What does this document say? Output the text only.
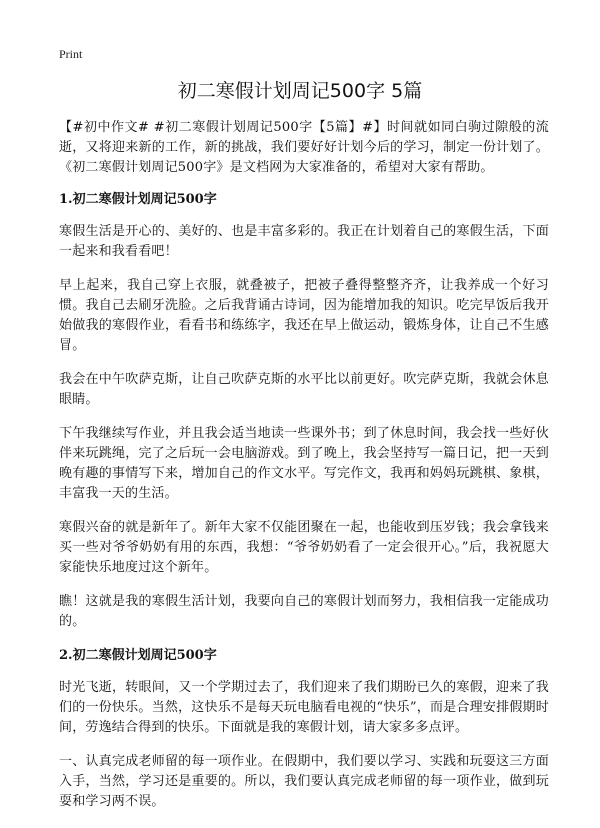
Print
初二寒假计划周记500字 5篇

【#初中作文# #初二寒假计划周记500字【5篇】#】时间就如同白驹过隙般的流逝，又将迎来新的工作，新的挑战，我们要好好计划今后的学习，制定一份计划了。《初二寒假计划周记500字》是文档网为大家准备的，希望对大家有帮助。

1.初二寒假计划周记500字

寒假生活是开心的、美好的、也是丰富多彩的。我正在计划着自己的寒假生活，下面一起来和我看看吧！

早上起来，我自己穿上衣服，就叠被子，把被子叠得整整齐齐，让我养成一个好习惯。我自己去刷牙洗脸。之后我背诵古诗词，因为能增加我的知识。吃完早饭后我开始做我的寒假作业，看看书和练练字，我还在早上做运动，锻炼身体，让自己不生感冒。

我会在中午吹萨克斯，让自己吹萨克斯的水平比以前更好。吹完萨克斯，我就会休息眼睛。

下午我继续写作业，并且我会适当地读一些课外书；到了休息时间，我会找一些好伙伴来玩跳绳，完了之后玩一会电脑游戏。到了晚上，我会坚持写一篇日记，把一天到晚有趣的事情写下来，增加自己的作文水平。写完作文，我再和妈妈玩跳棋、象棋，丰富我一天的生活。

寒假兴奋的就是新年了。新年大家不仅能团聚在一起，也能收到压岁钱；我会拿钱来买一些对爷爷奶奶有用的东西，我想：“爷爷奶奶看了一定会很开心。”后，我祝愿大家能快乐地度过这个新年。

瞧！这就是我的寒假生活计划，我要向自己的寒假计划而努力，我相信我一定能成功的。

2.初二寒假计划周记500字

时光飞逝，转眼间，又一个学期过去了，我们迎来了我们期盼已久的寒假，迎来了我们的一份快乐。当然，这快乐不是每天玩电脑看电视的“快乐”，而是合理安排假期时间，劳逸结合得到的快乐。下面就是我的寒假计划，请大家多多点评。

一、认真完成老师留的每一项作业。在假期中，我们要以学习、实践和玩耍这三方面入手，当然，学习还是重要的。所以，我们要认真完成老师留的每一项作业，做到玩耍和学习两不误。
